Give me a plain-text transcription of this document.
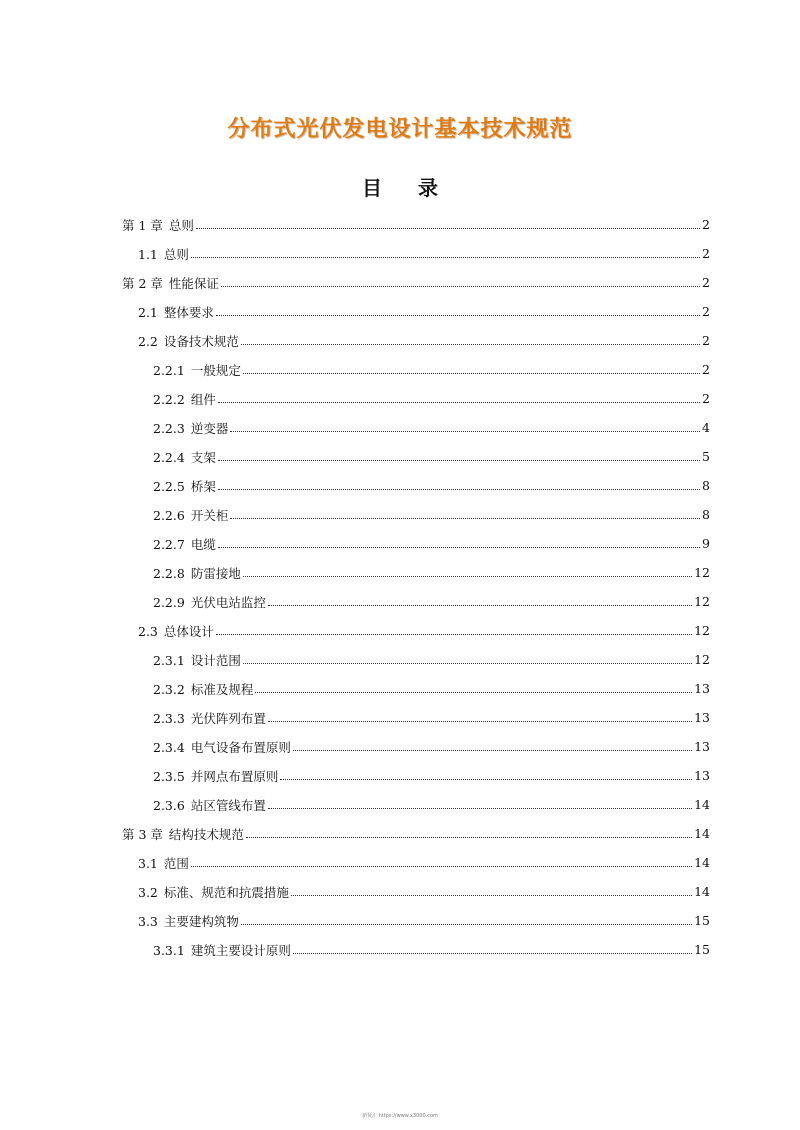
分布式光伏发电设计基本技术规范
目录
第 1 章 总则	2
1.1 总则	2
第 2 章 性能保证	2
2.1 整体要求	2
2.2 设备技术规范	2
2.2.1 一般规定	2
2.2.2 组件	2
2.2.3 逆变器	4
2.2.4 支架	5
2.2.5 桥架	8
2.2.6 开关柜	8
2.2.7 电缆	9
2.2.8 防雷接地	12
2.2.9 光伏电站监控	12
2.3 总体设计	12
2.3.1 设计范围	12
2.3.2 标准及规程	13
2.3.3 光伏阵列布置	13
2.3.4 电气设备布置原则	13
2.3.5 并网点布置原则	13
2.3.6 站区管线布置	14
第 3 章 结构技术规范	14
3.1 范围	14
3.2 标准、规范和抗震措施	14
3.3 主要建构筑物	15
3.3.1 建筑主要设计原则	15
新贤汇 https://www.x3000.com
